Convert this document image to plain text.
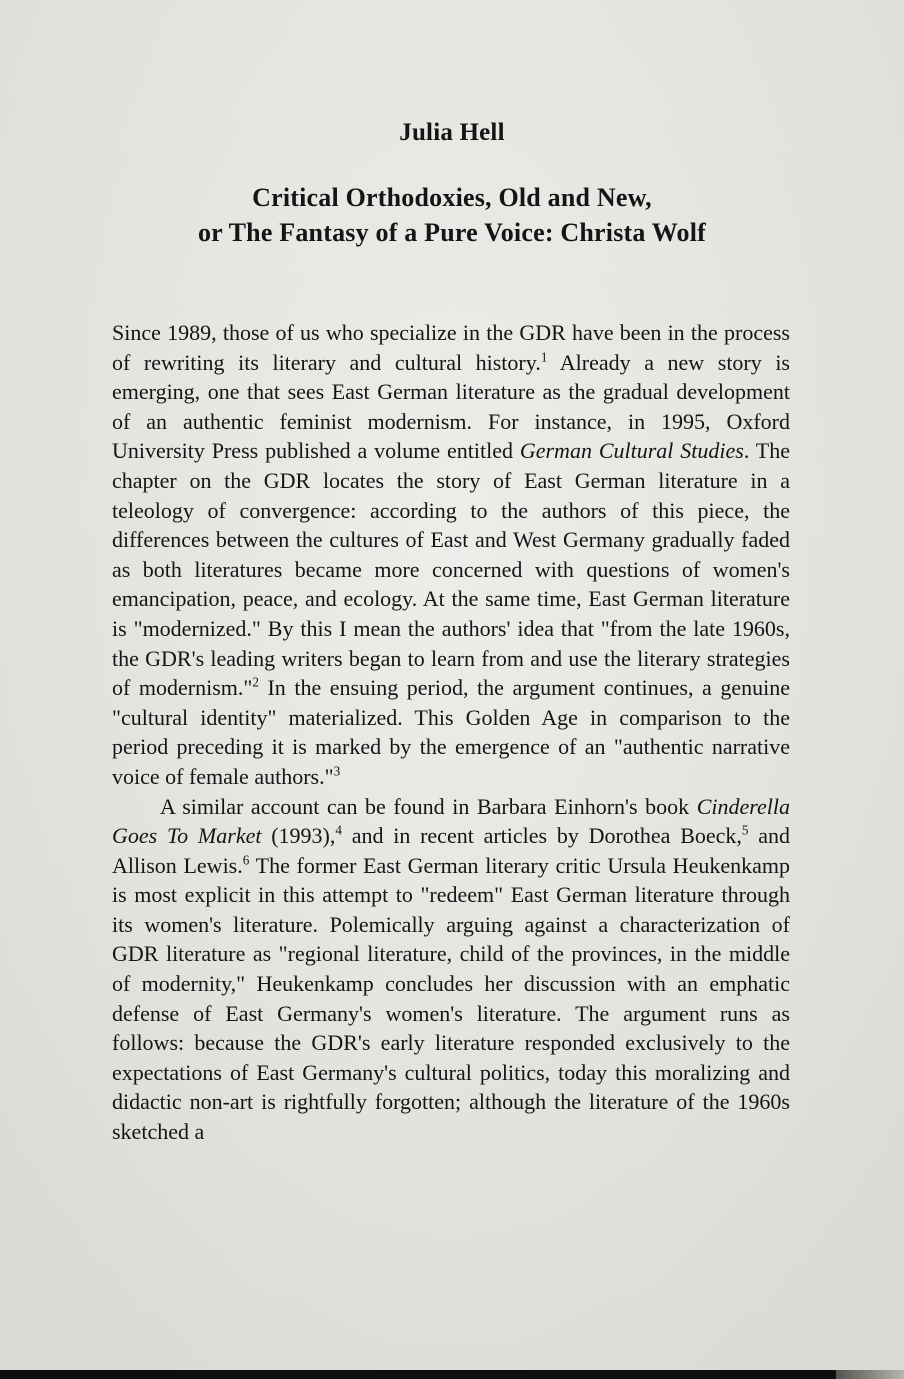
Julia Hell
Critical Orthodoxies, Old and New,
or The Fantasy of a Pure Voice: Christa Wolf

Since 1989, those of us who specialize in the GDR have been in the process of rewriting its literary and cultural history.$^1$ Already a new story is emerging, one that sees East German literature as the gradual development of an authentic feminist modernism. For instance, in 1995, Oxford University Press published a volume entitled German Cultural Studies. The chapter on the GDR locates the story of East German literature in a teleology of convergence: according to the authors of this piece, the differences between the cultures of East and West Germany gradually faded as both literatures became more concerned with questions of women's emancipation, peace, and ecology. At the same time, East German literature is "modernized." By this I mean the authors' idea that "from the late 1960s, the GDR's leading writers began to learn from and use the literary strategies of modernism."$^2$ In the ensuing period, the argument continues, a genuine "cultural identity" materialized. This Golden Age in comparison to the period preceding it is marked by the emergence of an "authentic narrative voice of female authors."$^3$

A similar account can be found in Barbara Einhorn's book Cinderella Goes To Market (1993),$^4$ and in recent articles by Dorothea Boeck,$^5$ and Allison Lewis.$^6$ The former East German literary critic Ursula Heukenkamp is most explicit in this attempt to "redeem" East German literature through its women's literature. Polemically arguing against a characterization of GDR literature as "regional literature, child of the provinces, in the middle of modernity," Heukenkamp concludes her discussion with an emphatic defense of East Germany's women's literature. The argument runs as follows: because the GDR's early literature responded exclusively to the expectations of East Germany's cultural politics, today this moralizing and didactic non-art is rightfully forgotten; although the literature of the 1960s sketched a
